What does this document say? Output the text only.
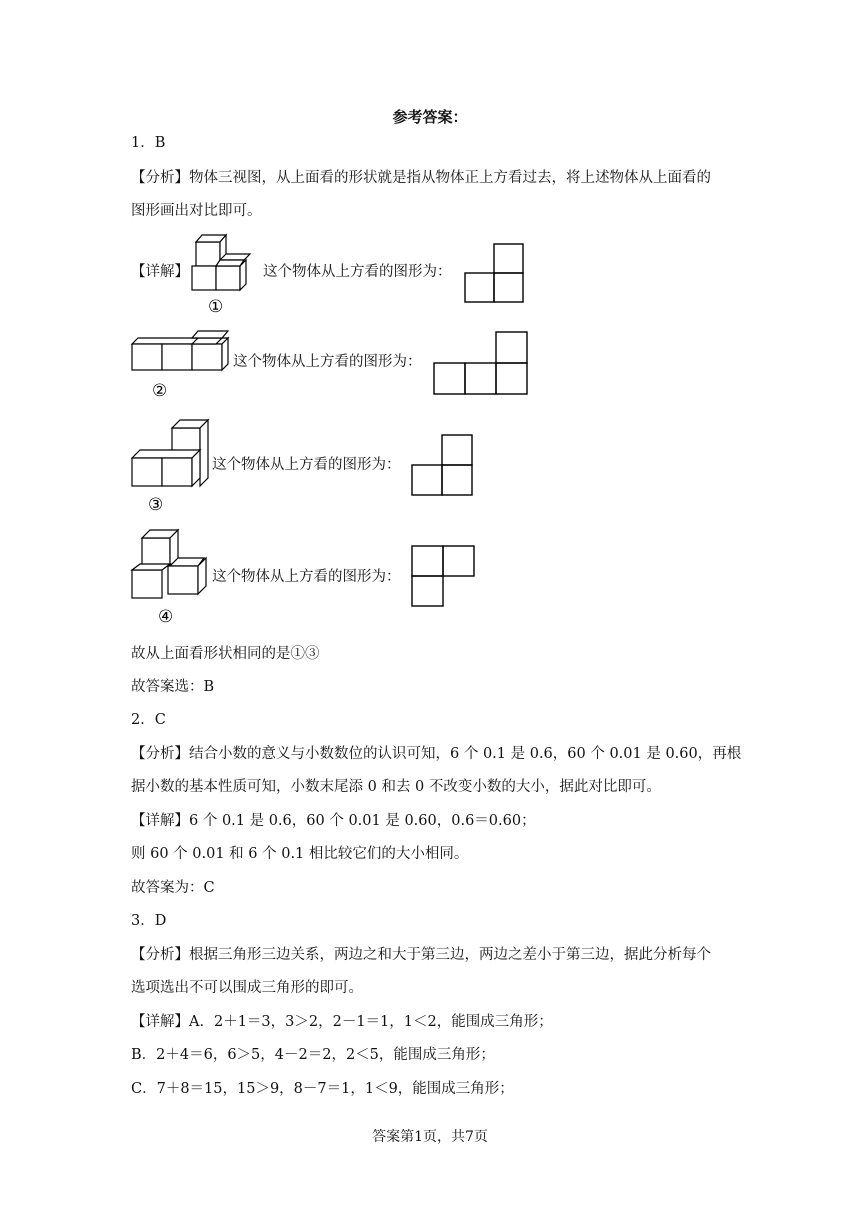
参考答案：
1．B
【分析】物体三视图，从上面看的形状就是指从物体正上方看过去，将上述物体从上面看的
图形画出对比即可。
【详解】
①
这个物体从上方看的图形为：
②
这个物体从上方看的图形为：
③
这个物体从上方看的图形为：
④
这个物体从上方看的图形为：
故从上面看形状相同的是①③
故答案选：B
2．C
【分析】结合小数的意义与小数数位的认识可知，6 个 0.1 是 0.6，60 个 0.01 是 0.60，再根
据小数的基本性质可知，小数末尾添 0 和去 0 不改变小数的大小，据此对比即可。
【详解】6 个 0.1 是 0.6，60 个 0.01 是 0.60，0.6＝0.60；
则 60 个 0.01 和 6 个 0.1 相比较它们的大小相同。
故答案为：C
3．D
【分析】根据三角形三边关系，两边之和大于第三边，两边之差小于第三边，据此分析每个
选项选出不可以围成三角形的即可。
【详解】A．2＋1＝3，3＞2，2－1＝1，1＜2，能围成三角形；
B．2＋4＝6，6＞5，4－2＝2，2＜5，能围成三角形；
C．7＋8＝15，15＞9，8－7＝1，1＜9，能围成三角形；
答案第1页，共7页
